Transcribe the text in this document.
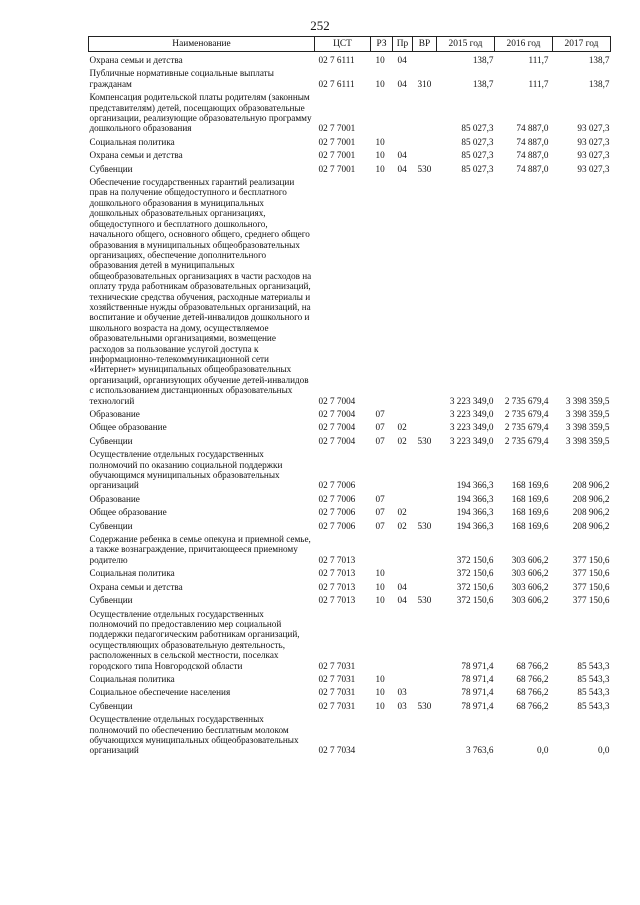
252
Наименование	ЦСТ	РЗ	Пр	ВР	2015 год	2016 год	2017 год
Охрана семьи и детства	02 7 6111	10	04		138,7	111,7	138,7
Публичные нормативные социальные выплаты гражданам	02 7 6111	10	04	310	138,7	111,7	138,7
Компенсация родительской платы родителям (законным представителям) детей, посещающих образовательные организации, реализующие образовательную программу дошкольного образования	02 7 7001				85 027,3	74 887,0	93 027,3
Социальная политика	02 7 7001	10			85 027,3	74 887,0	93 027,3
Охрана семьи и детства	02 7 7001	10	04		85 027,3	74 887,0	93 027,3
Субвенции	02 7 7001	10	04	530	85 027,3	74 887,0	93 027,3
Обеспечение государственных гарантий реализации прав на получение общедоступного и бесплатного дошкольного образования в муниципальных дошкольных образовательных организациях, общедоступного и бесплатного дошкольного, начального общего, основного общего, среднего общего образования в муниципальных общеобразовательных организациях, обеспечение дополнительного образования детей в муниципальных общеобразовательных организациях в части расходов на оплату труда работникам образовательных организаций, технические средства обучения, расходные материалы и хозяйственные нужды образовательных организаций, на воспитание и обучение детей-инвалидов дошкольного и школьного возраста на дому, осуществляемое образовательными организациями, возмещение расходов за пользование услугой доступа к информационно-телекоммуникационной сети «Интернет» муниципальных общеобразовательных организаций, организующих обучение детей-инвалидов с использованием дистанционных образовательных технологий	02 7 7004				3 223 349,0	2 735 679,4	3 398 359,5
Образование	02 7 7004	07			3 223 349,0	2 735 679,4	3 398 359,5
Общее образование	02 7 7004	07	02		3 223 349,0	2 735 679,4	3 398 359,5
Субвенции	02 7 7004	07	02	530	3 223 349,0	2 735 679,4	3 398 359,5
Осуществление отдельных государственных полномочий по оказанию социальной поддержки обучающимся муниципальных образовательных организаций	02 7 7006				194 366,3	168 169,6	208 906,2
Образование	02 7 7006	07			194 366,3	168 169,6	208 906,2
Общее образование	02 7 7006	07	02		194 366,3	168 169,6	208 906,2
Субвенции	02 7 7006	07	02	530	194 366,3	168 169,6	208 906,2
Содержание ребенка в семье опекуна и приемной семье, а также вознаграждение, причитающееся приемному родителю	02 7 7013				372 150,6	303 606,2	377 150,6
Социальная политика	02 7 7013	10			372 150,6	303 606,2	377 150,6
Охрана семьи и детства	02 7 7013	10	04		372 150,6	303 606,2	377 150,6
Субвенции	02 7 7013	10	04	530	372 150,6	303 606,2	377 150,6
Осуществление отдельных государственных полномочий по предоставлению мер социальной поддержки педагогическим работникам организаций, осуществляющих образовательную деятельность, расположенных в сельской местности, поселках городского типа Новгородской области	02 7 7031				78 971,4	68 766,2	85 543,3
Социальная политика	02 7 7031	10			78 971,4	68 766,2	85 543,3
Социальное обеспечение населения	02 7 7031	10	03		78 971,4	68 766,2	85 543,3
Субвенции	02 7 7031	10	03	530	78 971,4	68 766,2	85 543,3
Осуществление отдельных государственных полномочий по обеспечению бесплатным молоком обучающихся муниципальных общеобразовательных организаций	02 7 7034				3 763,6	0,0	0,0
